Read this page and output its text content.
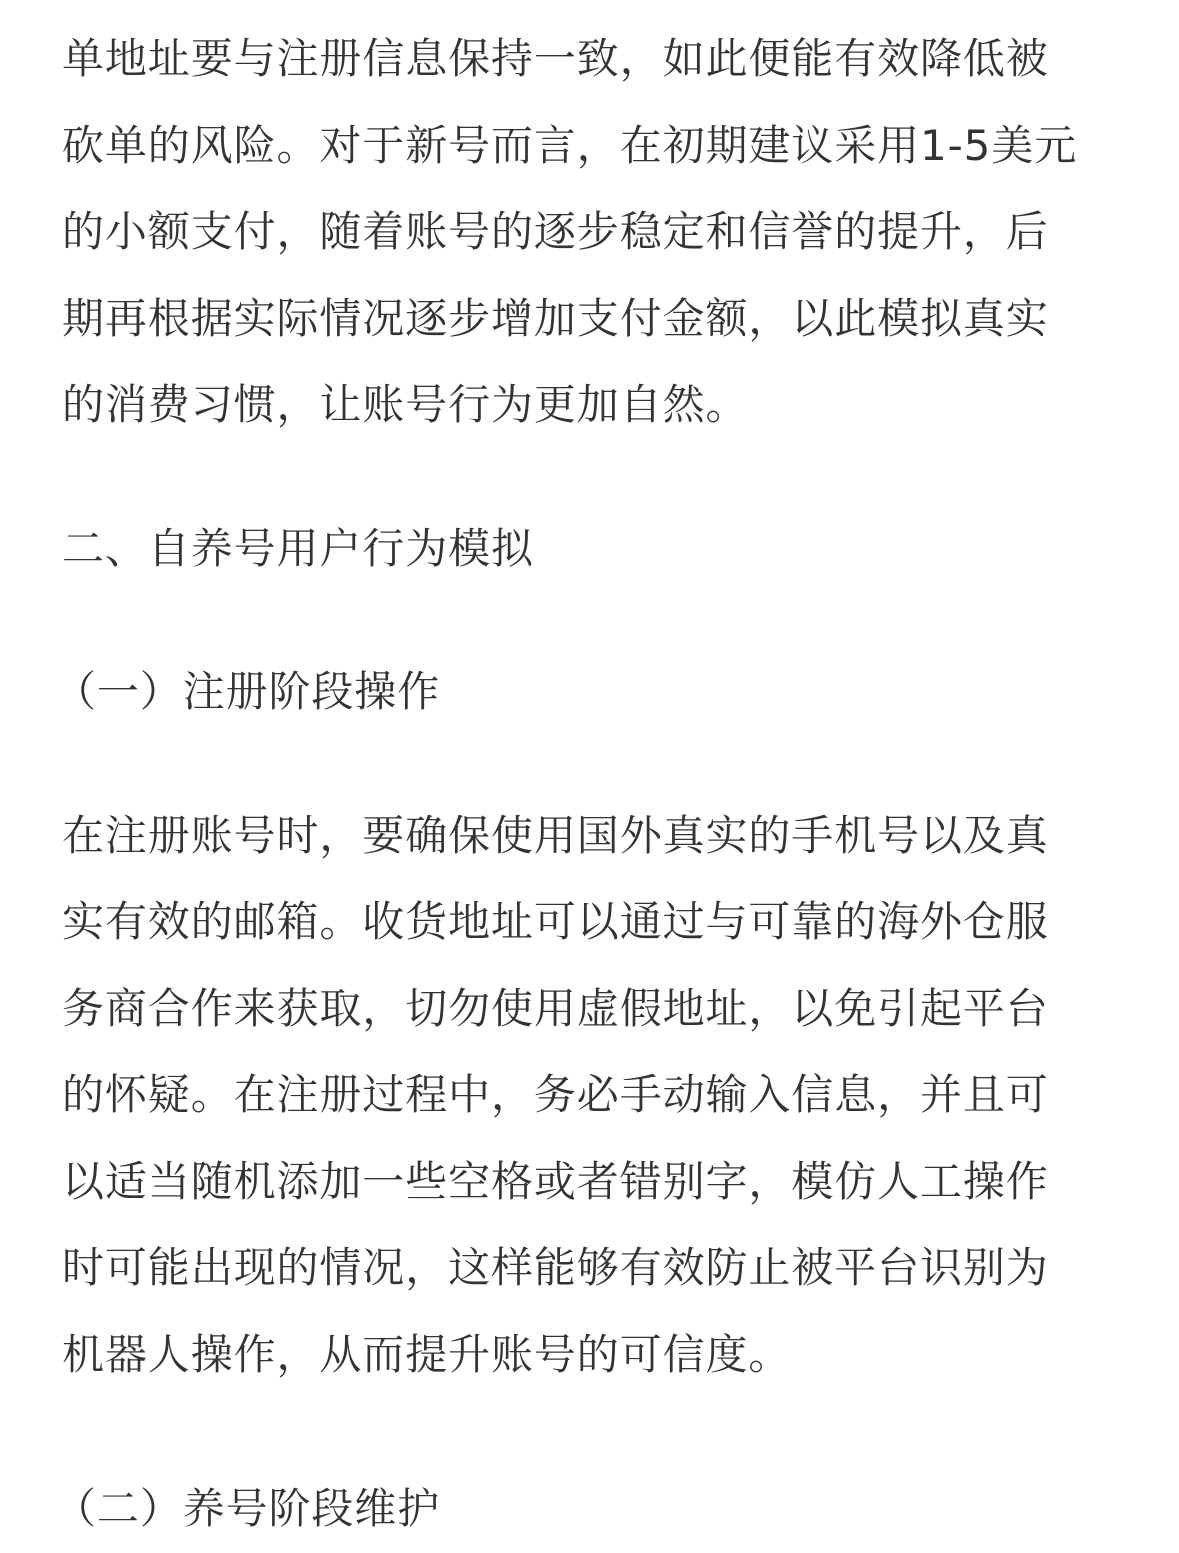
单地址要与注册信息保持一致，如此便能有效降低被
砍单的风险。对于新号而言，在初期建议采用1-5美元
的小额支付，随着账号的逐步稳定和信誉的提升，后
期再根据实际情况逐步增加支付金额，以此模拟真实
的消费习惯，让账号行为更加自然。
二、自养号用户行为模拟
（一）注册阶段操作
在注册账号时，要确保使用国外真实的手机号以及真
实有效的邮箱。收货地址可以通过与可靠的海外仓服
务商合作来获取，切勿使用虚假地址，以免引起平台
的怀疑。在注册过程中，务必手动输入信息，并且可
以适当随机添加一些空格或者错别字，模仿人工操作
时可能出现的情况，这样能够有效防止被平台识别为
机器人操作，从而提升账号的可信度。
（二）养号阶段维护
